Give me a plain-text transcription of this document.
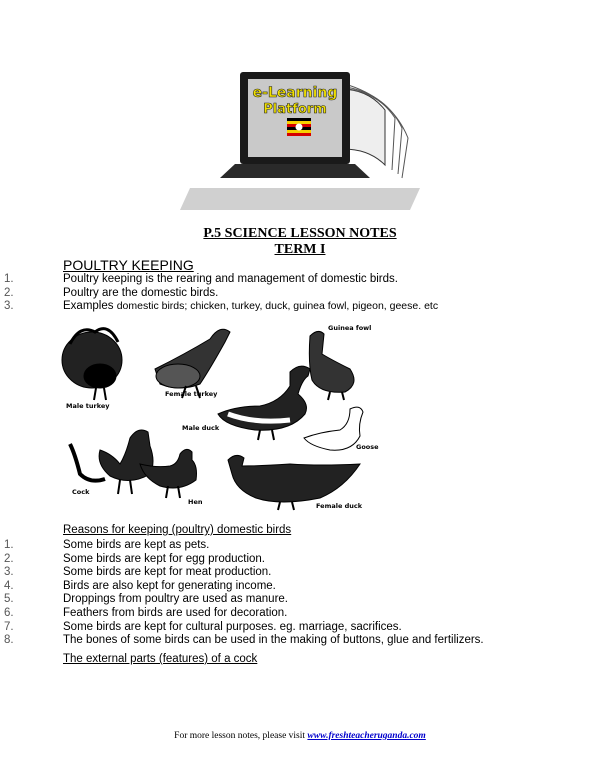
e-Learning
Platform
P.5 SCIENCE LESSON NOTES
TERM I
POULTRY KEEPING
1.	Poultry keeping is the rearing and management of domestic birds.
2.	Poultry are the domestic birds.
3.	Examples domestic birds; chicken, turkey, duck, guinea fowl, pigeon, geese. etc
Male turkey
Female turkey
Guinea fowl
Male duck
Goose
Cock
Hen	Female duck
Reasons for keeping (poultry) domestic birds
1.	Some birds are kept as pets.
2.	Some birds are kept for egg production.
3.	Some birds are kept for meat production.
4.	Birds are also kept for generating income.
5.	Droppings from poultry are used as manure.
6.	Feathers from birds are used for decoration.
7.	Some birds are kept for cultural purposes. eg. marriage, sacrifices.
8.	The bones of some birds can be used in the making of buttons, glue and fertilizers.
The external parts (features) of a cock
For more lesson notes, please visit www.freshteacheruganda.com
